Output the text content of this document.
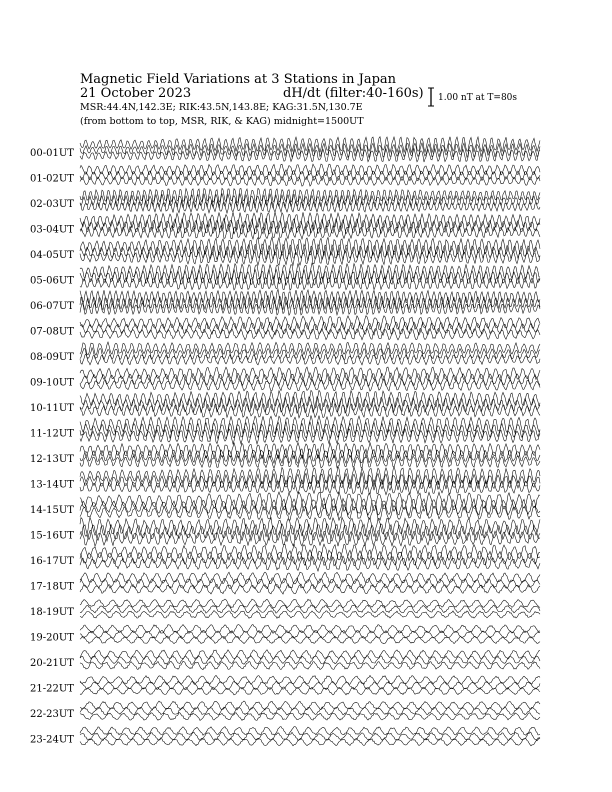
Magnetic Field Variations at 3 Stations in Japan
21 October 2023	dH/dt (filter:40-160s)
MSR:44.4N,142.3E; RIK:43.5N,143.8E; KAG:31.5N,130.7E
(from bottom to top, MSR, RIK, & KAG) midnight=1500UT
1.00 nT at T=80s
00-01UT
01-02UT
02-03UT
03-04UT
04-05UT
05-06UT
06-07UT
07-08UT
08-09UT
09-10UT
10-11UT
11-12UT
12-13UT
13-14UT
14-15UT
15-16UT
16-17UT
17-18UT
18-19UT
19-20UT
20-21UT
21-22UT
22-23UT
23-24UT
